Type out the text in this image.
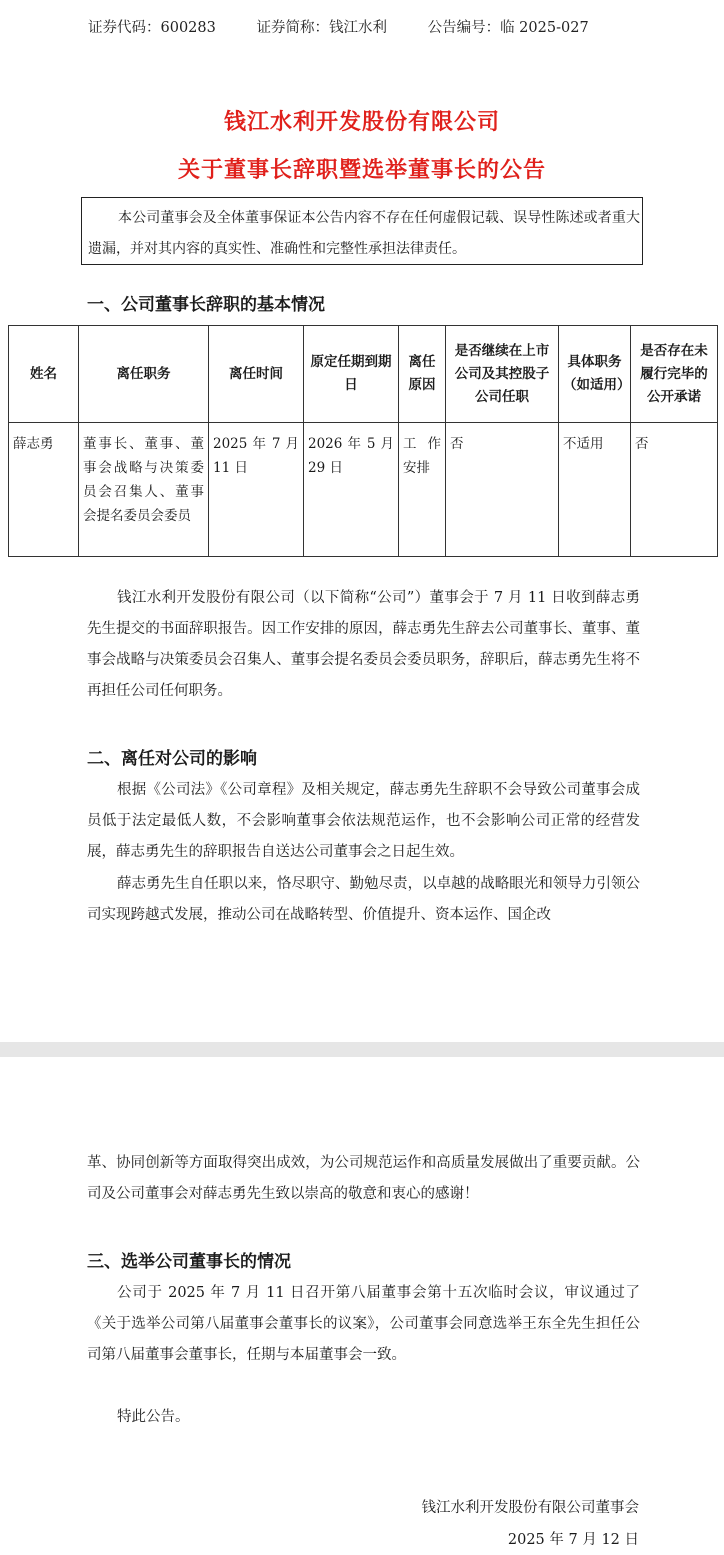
证券代码：600283	证券简称：钱江水利	公告编号：临 2025-027
钱江水利开发股份有限公司
关于董事长辞职暨选举董事长的公告
本公司董事会及全体董事保证本公告内容不存在任何虚假记载、误导性陈述或者重大遗漏，并对其内容的真实性、准确性和完整性承担法律责任。
一、公司董事长辞职的基本情况
姓名	离任职务	离任时间	原定任期到期日	离任原因	是否继续在上市公司及其控股子公司任职	具体职务（如适用）	是否存在未履行完毕的公开承诺
薛志勇	董事长、董事、董事会战略与决策委员会召集人、董事会提名委员会委员	2025 年 7 月 11 日	2026 年 5 月 29 日	工作安排	否	不适用	否
钱江水利开发股份有限公司（以下简称“公司”）董事会于 7 月 11 日收到薛志勇先生提交的书面辞职报告。因工作安排的原因，薛志勇先生辞去公司董事长、董事、董事会战略与决策委员会召集人、董事会提名委员会委员职务，辞职后，薛志勇先生将不再担任公司任何职务。
二、离任对公司的影响
根据《公司法》《公司章程》及相关规定，薛志勇先生辞职不会导致公司董事会成员低于法定最低人数，不会影响董事会依法规范运作，也不会影响公司正常的经营发展，薛志勇先生的辞职报告自送达公司董事会之日起生效。
薛志勇先生自任职以来，恪尽职守、勤勉尽责，以卓越的战略眼光和领导力引领公司实现跨越式发展，推动公司在战略转型、价值提升、资本运作、国企改
革、协同创新等方面取得突出成效，为公司规范运作和高质量发展做出了重要贡献。公司及公司董事会对薛志勇先生致以崇高的敬意和衷心的感谢！
三、选举公司董事长的情况
公司于 2025 年 7 月 11 日召开第八届董事会第十五次临时会议，审议通过了《关于选举公司第八届董事会董事长的议案》，公司董事会同意选举王东全先生担任公司第八届董事会董事长，任期与本届董事会一致。
特此公告。
钱江水利开发股份有限公司董事会
2025 年 7 月 12 日
